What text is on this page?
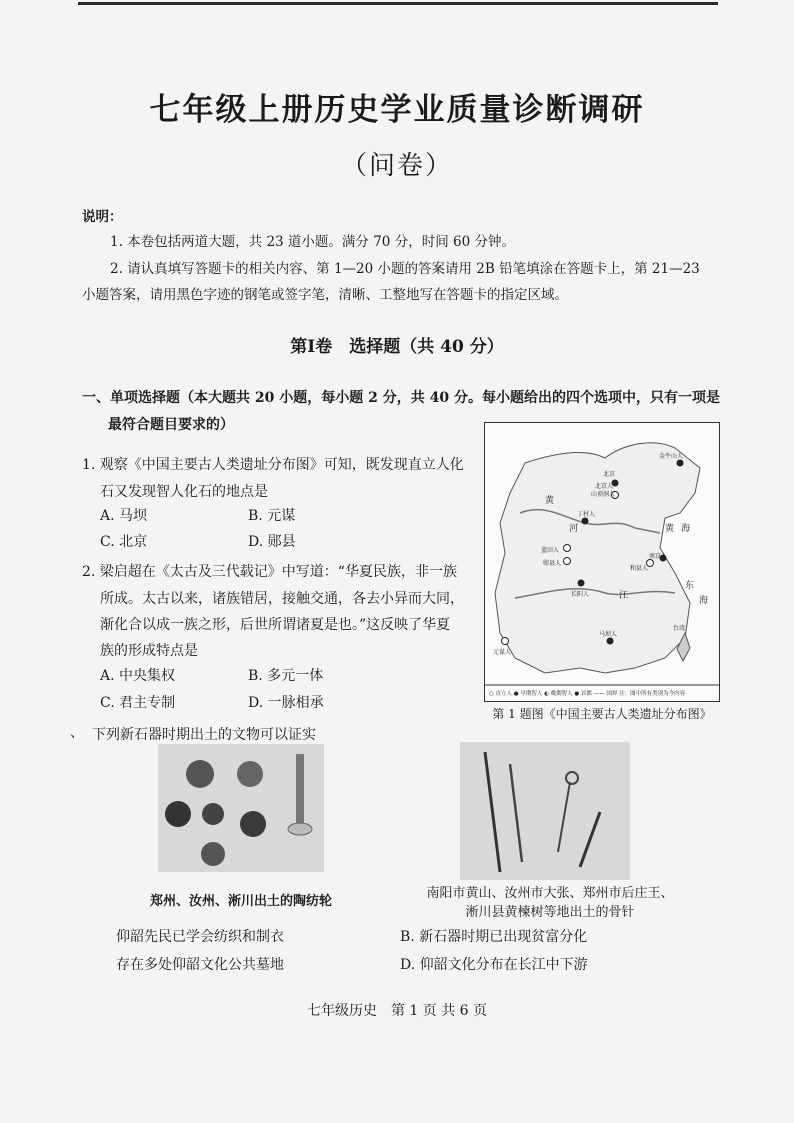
七年级上册历史学业质量诊断调研
（问卷）
说明：
1. 本卷包括两道大题，共 23 道小题。满分 70 分，时间 60 分钟。
2. 请认真填写答题卡的相关内容、第 1—20 小题的答案请用 2B 铅笔填涂在答题卡上，第 21—23
小题答案，请用黑色字迹的钢笔或签字笔，清晰、工整地写在答题卡的指定区域。
第Ⅰ卷　选择题（共 40 分）
一、单项选择题（本大题共 20 小题，每小题 2 分，共 40 分。每小题给出的四个选项中，只有一项是
最符合题目要求的）
1. 观察《中国主要古人类遗址分布图》可知，既发现直立人化
石又发现智人化石的地点是
A. 马坝	B. 元谋
C. 北京	D. 郧县
2. 梁启超在《太古及三代载记》中写道：“华夏民族，非一族
所成。太古以来，诸族错居，接触交通，各去小异而大同，
渐化合以成一族之形，后世所谓诸夏是也。”这反映了华夏
族的形成特点是
A. 中央集权	B. 多元一体
C. 君主专制	D. 一脉相承
北京
北京人
山顶洞人
金牛山人
丁村人
黄
河	黄 海
蓝田人
郧县人
和县人
南京人
长阳人
马坝人
元谋人
东
海
台湾
江
○ 直立人 ● 早期智人 ◐ 晚期智人 ● 首都 —— 国界 注：图中所有类别为今内容
第 1 题图《中国主要古人类遗址分布图》
、 下列新石器时期出土的文物可以证实
郑州、汝州、淅川出土的陶纺轮
南阳市黄山、汝州市大张、郑州市后庄王、
淅川县黄楝树等地出土的骨针
仰韶先民已学会纺织和制衣	B. 新石器时期已出现贫富分化
存在多处仰韶文化公共墓地	D. 仰韶文化分布在长江中下游
七年级历史　第 1 页 共 6 页
